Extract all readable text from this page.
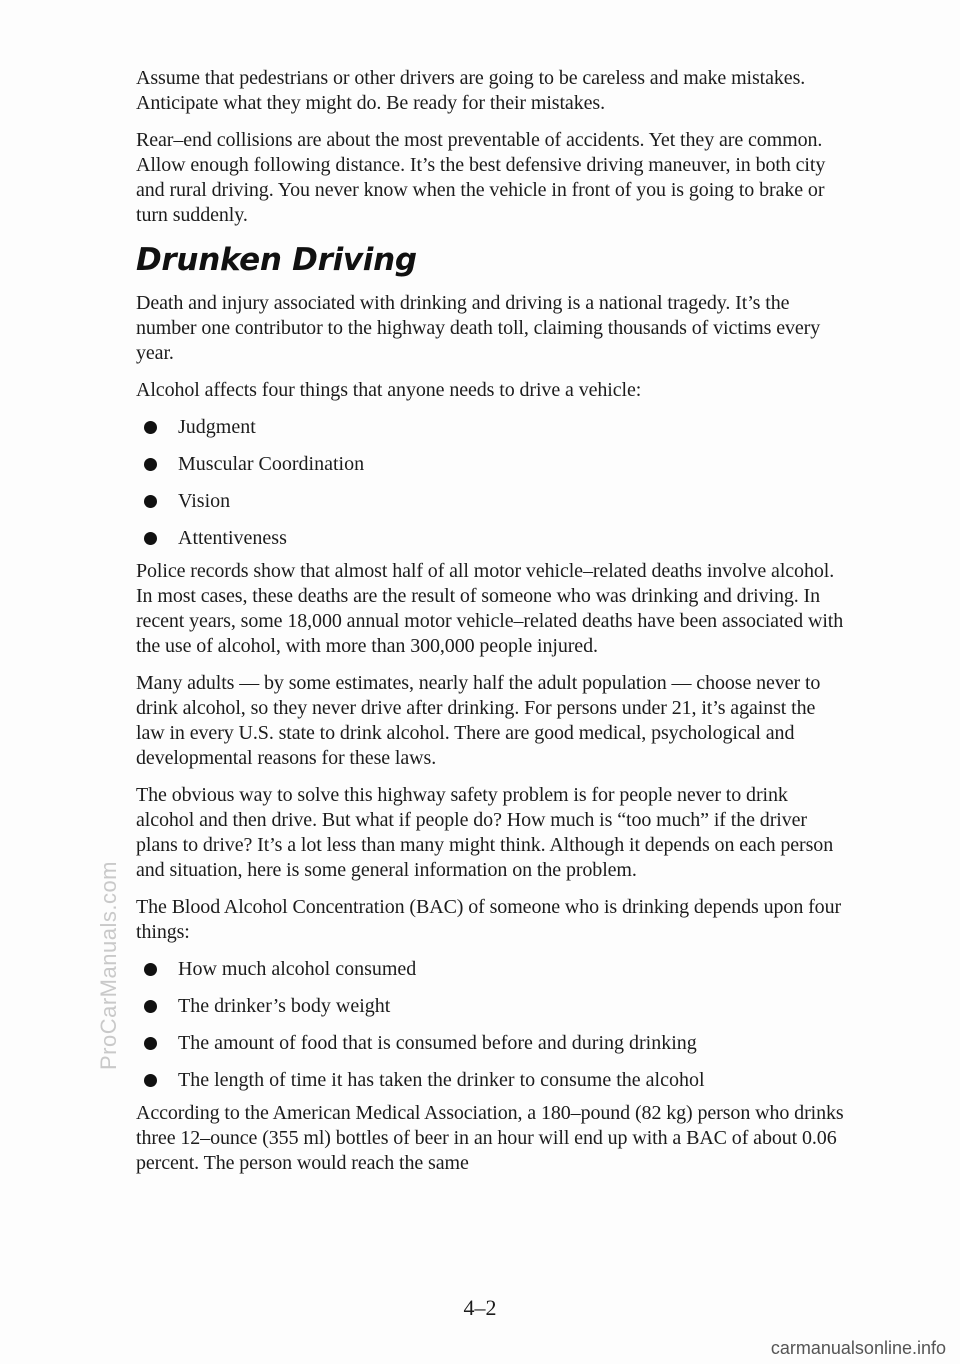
Assume that pedestrians or other drivers are going to be careless and make mistakes. Anticipate what they might do. Be ready for their mistakes.

Rear–end collisions are about the most preventable of accidents. Yet they are common. Allow enough following distance. It’s the best defensive driving maneuver, in both city and rural driving. You never know when the vehicle in front of you is going to brake or turn suddenly.

Drunken Driving

Death and injury associated with drinking and driving is a national tragedy. It’s the number one contributor to the highway death toll, claiming thousands of victims every year.

Alcohol affects four things that anyone needs to drive a vehicle:

Judgment
Muscular Coordination
Vision
Attentiveness

Police records show that almost half of all motor vehicle–related deaths involve alcohol. In most cases, these deaths are the result of someone who was drinking and driving. In recent years, some 18,000 annual motor vehicle–related deaths have been associated with the use of alcohol, with more than 300,000 people injured.

Many adults — by some estimates, nearly half the adult population — choose never to drink alcohol, so they never drive after drinking. For persons under 21, it’s against the law in every U.S. state to drink alcohol. There are good medical, psychological and developmental reasons for these laws.

The obvious way to solve this highway safety problem is for people never to drink alcohol and then drive. But what if people do? How much is “too much” if the driver plans to drive? It’s a lot less than many might think. Although it depends on each person and situation, here is some general information on the problem.

The Blood Alcohol Concentration (BAC) of someone who is drinking depends upon four things:

How much alcohol consumed
The drinker’s body weight
The amount of food that is consumed before and during drinking
The length of time it has taken the drinker to consume the alcohol

According to the American Medical Association, a 180–pound (82 kg) person who drinks three 12–ounce (355 ml) bottles of beer in an hour will end up with a BAC of about 0.06 percent. The person would reach the same

ProCarManuals.com
4–2
carmanualsonline.info
